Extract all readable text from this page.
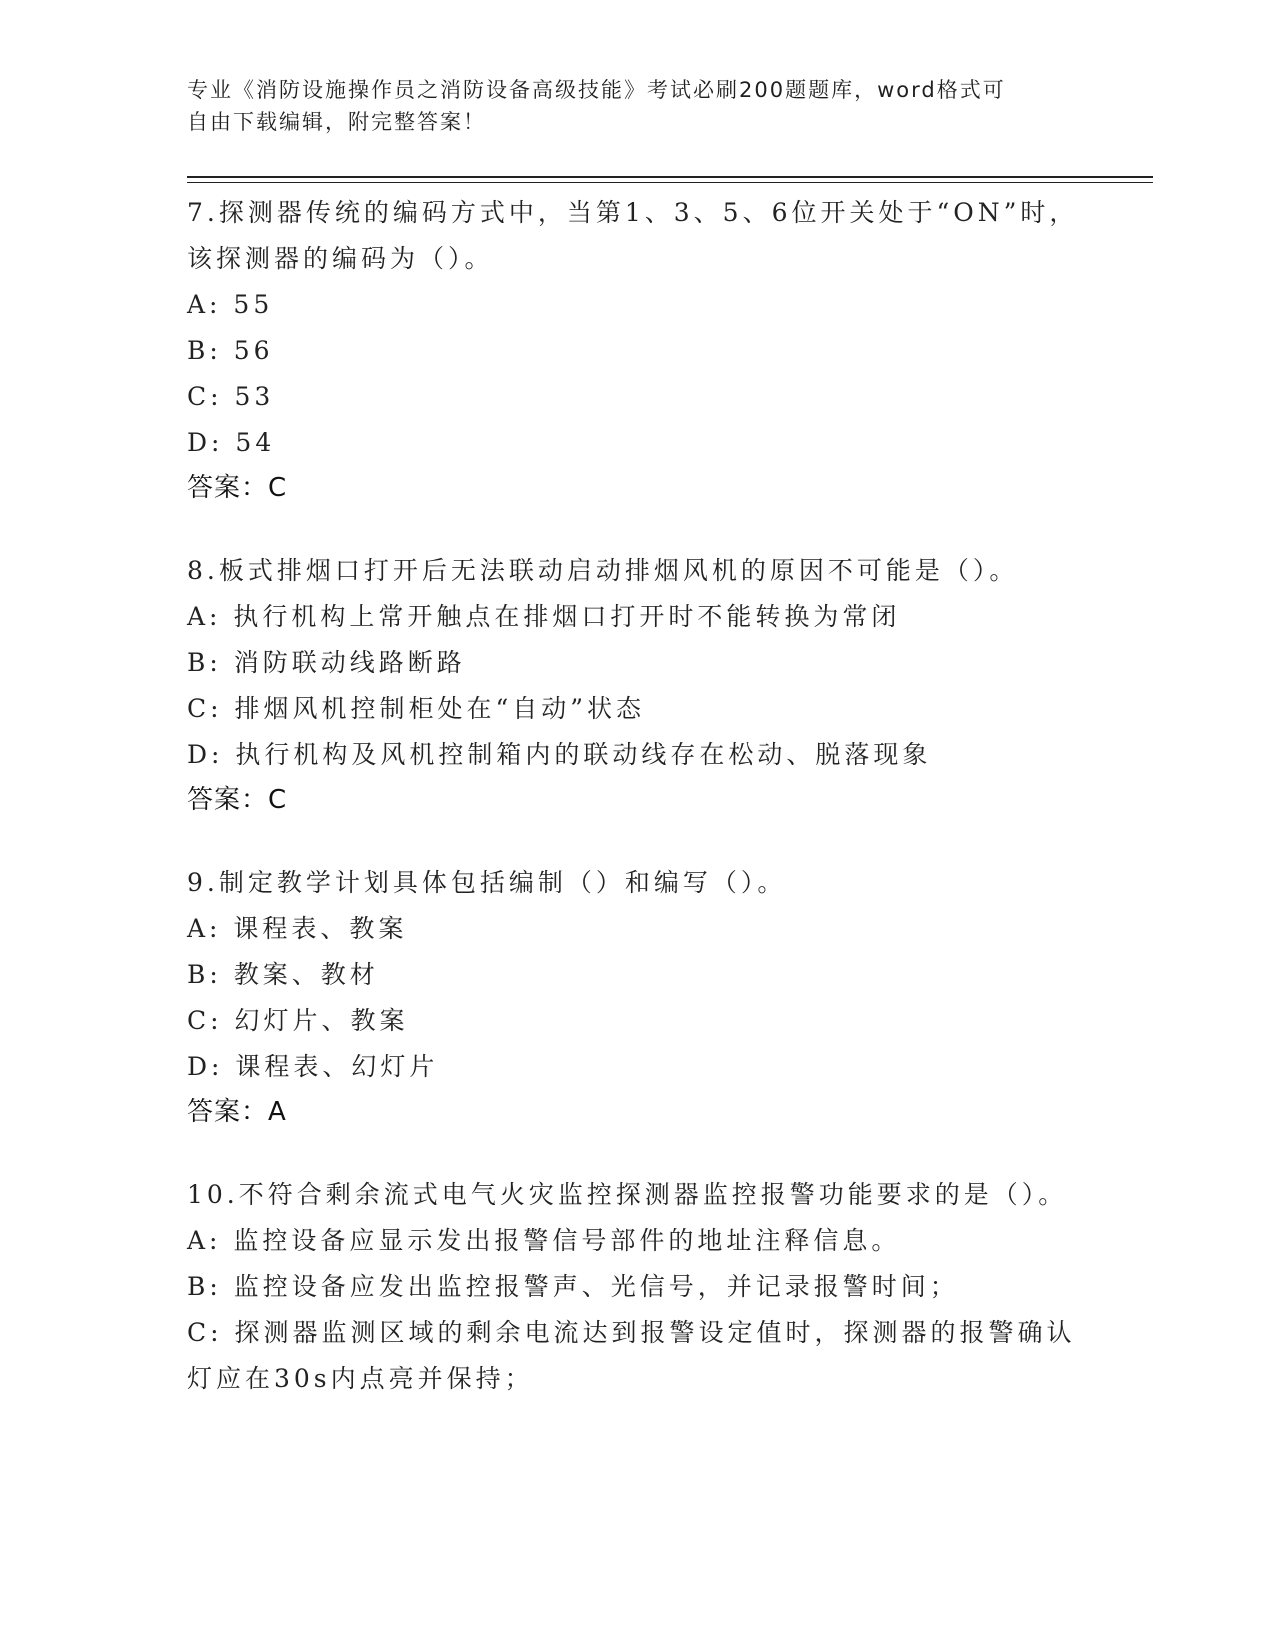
专业《消防设施操作员之消防设备高级技能》考试必刷200题题库，word格式可
自由下载编辑，附完整答案！

7.探测器传统的编码方式中，当第1、3、5、6位开关处于“ON”时，

该探测器的编码为（）。

A: 55

B: 56

C: 53

D: 54

答案：C

8.板式排烟口打开后无法联动启动排烟风机的原因不可能是（）。

A: 执行机构上常开触点在排烟口打开时不能转换为常闭

B: 消防联动线路断路

C: 排烟风机控制柜处在“自动”状态

D: 执行机构及风机控制箱内的联动线存在松动、脱落现象

答案：C

9.制定教学计划具体包括编制（）和编写（）。

A: 课程表、教案

B: 教案、教材

C: 幻灯片、教案

D: 课程表、幻灯片

答案：A

10.不符合剩余流式电气火灾监控探测器监控报警功能要求的是（）。

A: 监控设备应显示发出报警信号部件的地址注释信息。

B: 监控设备应发出监控报警声、光信号，并记录报警时间；

C: 探测器监测区域的剩余电流达到报警设定值时，探测器的报警确认

灯应在30s内点亮并保持；
